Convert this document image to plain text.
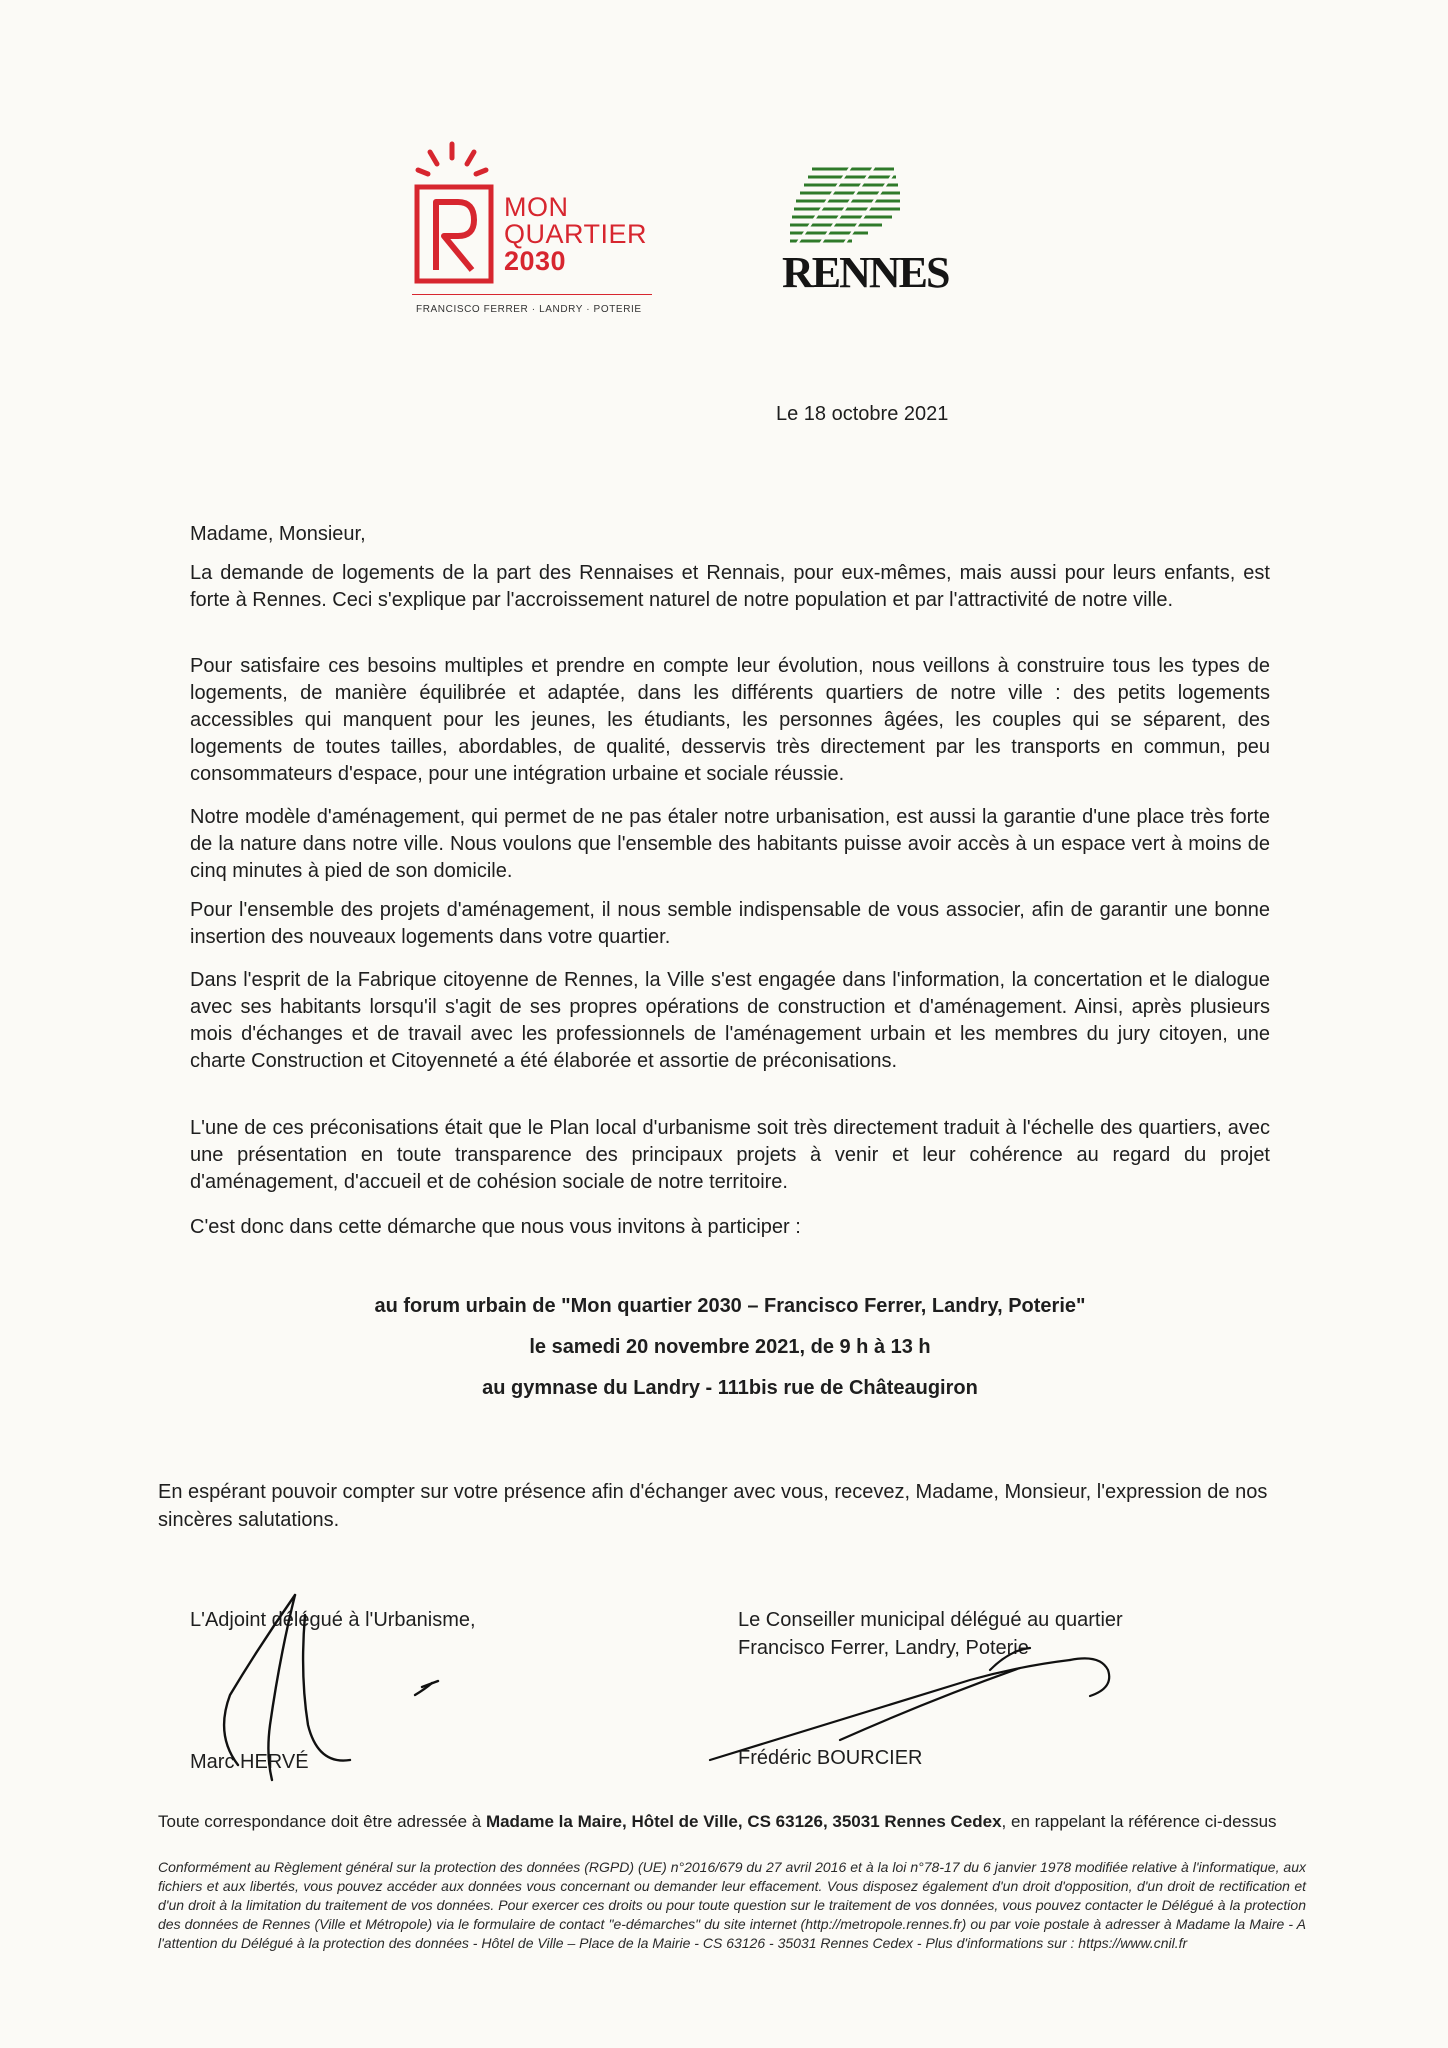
MON
QUARTIER
2030
FRANCISCO FERRER · LANDRY · POTERIE
RENNES
Le 18 octobre 2021
Madame, Monsieur,
La demande de logements de la part des Rennaises et Rennais, pour eux-mêmes, mais aussi pour leurs enfants, est forte à Rennes. Ceci s'explique par l'accroissement naturel de notre population et par l'attractivité de notre ville.
Pour satisfaire ces besoins multiples et prendre en compte leur évolution, nous veillons à construire tous les types de logements, de manière équilibrée et adaptée, dans les différents quartiers de notre ville : des petits logements accessibles qui manquent pour les jeunes, les étudiants, les personnes âgées, les couples qui se séparent, des logements de toutes tailles, abordables, de qualité, desservis très directement par les transports en commun, peu consommateurs d'espace, pour une intégration urbaine et sociale réussie.
Notre modèle d'aménagement, qui permet de ne pas étaler notre urbanisation, est aussi la garantie d'une place très forte de la nature dans notre ville. Nous voulons que l'ensemble des habitants puisse avoir accès à un espace vert à moins de cinq minutes à pied de son domicile.
Pour l'ensemble des projets d'aménagement, il nous semble indispensable de vous associer, afin de garantir une bonne insertion des nouveaux logements dans votre quartier.
Dans l'esprit de la Fabrique citoyenne de Rennes, la Ville s'est engagée dans l'information, la concertation et le dialogue avec ses habitants lorsqu'il s'agit de ses propres opérations de construction et d'aménagement. Ainsi, après plusieurs mois d'échanges et de travail avec les professionnels de l'aménagement urbain et les membres du jury citoyen, une charte Construction et Citoyenneté a été élaborée et assortie de préconisations.
L'une de ces préconisations était que le Plan local d'urbanisme soit très directement traduit à l'échelle des quartiers, avec une présentation en toute transparence des principaux projets à venir et leur cohérence au regard du projet d'aménagement, d'accueil et de cohésion sociale de notre territoire.
C'est donc dans cette démarche que nous vous invitons à participer :
au forum urbain de "Mon quartier 2030 – Francisco Ferrer, Landry, Poterie"
le samedi 20 novembre 2021, de 9 h à 13 h
au gymnase du Landry - 111bis rue de Châteaugiron
En espérant pouvoir compter sur votre présence afin d'échanger avec vous, recevez, Madame, Monsieur, l'expression de nos sincères salutations.
L'Adjoint délégué à l'Urbanisme,
Marc HERVÉ
Le Conseiller municipal délégué au quartier
Francisco Ferrer, Landry, Poterie
Frédéric BOURCIER
Toute correspondance doit être adressée à Madame la Maire, Hôtel de Ville, CS 63126, 35031 Rennes Cedex, en rappelant la référence ci-dessus
Conformément au Règlement général sur la protection des données (RGPD) (UE) n°2016/679 du 27 avril 2016 et à la loi n°78-17 du 6 janvier 1978 modifiée relative à l'informatique, aux fichiers et aux libertés, vous pouvez accéder aux données vous concernant ou demander leur effacement. Vous disposez également d'un droit d'opposition, d'un droit de rectification et d'un droit à la limitation du traitement de vos données. Pour exercer ces droits ou pour toute question sur le traitement de vos données, vous pouvez contacter le Délégué à la protection des données de Rennes (Ville et Métropole) via le formulaire de contact "e-démarches" du site internet (http://metropole.rennes.fr) ou par voie postale à adresser à Madame la Maire - A l'attention du Délégué à la protection des données - Hôtel de Ville – Place de la Mairie - CS 63126 - 35031 Rennes Cedex - Plus d'informations sur : https://www.cnil.fr
